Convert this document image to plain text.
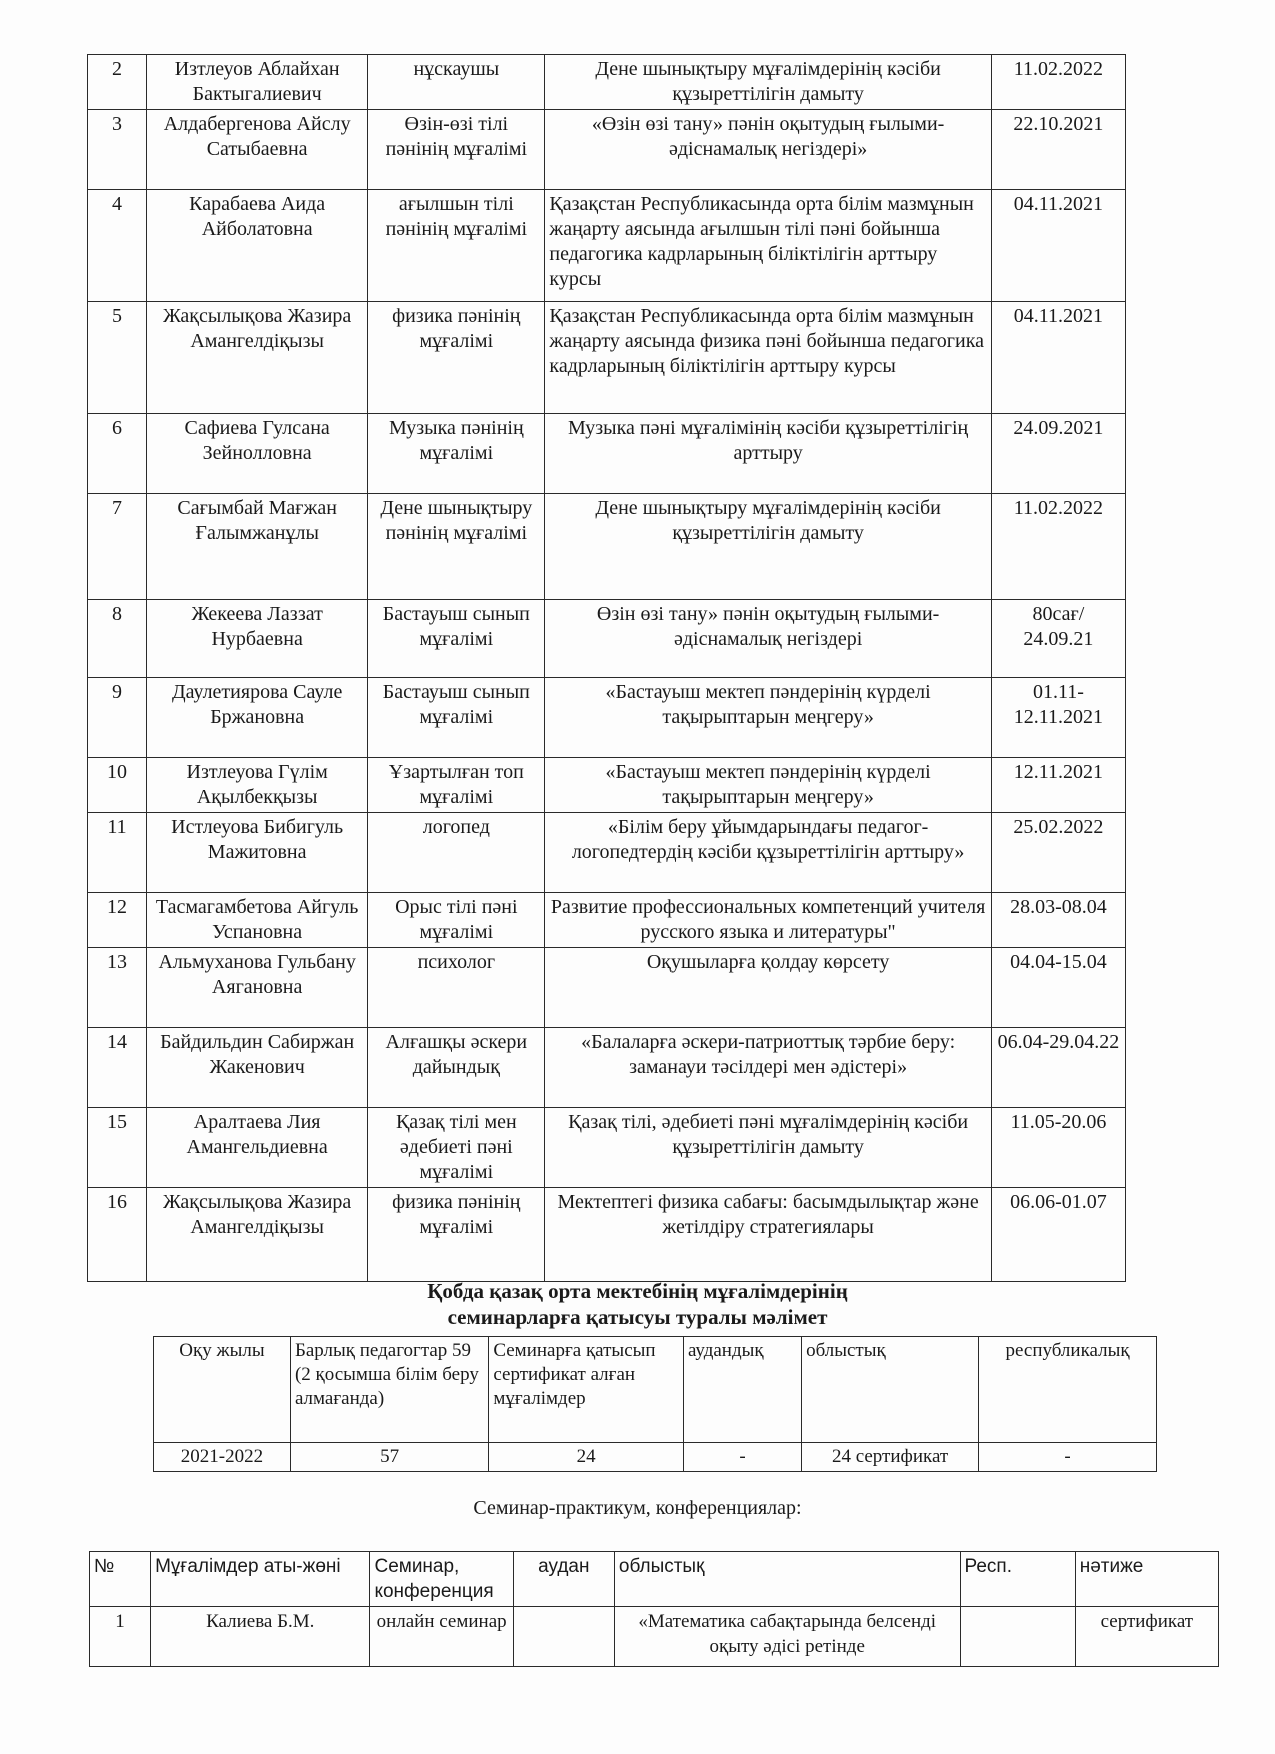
2	Изтлеуов Аблайхан Бактыгалиевич	нұскаушы	Дене шынықтыру мұғалімдерінің кәсіби құзыреттілігін дамыту	11.02.2022
3	Алдабергенова Айслу Сатыбаевна	Өзін-өзі тілі пәнінің мұғалімі	«Өзін өзі тану» пәнін оқытудың ғылыми-әдіснамалық негіздері»	22.10.2021
4	Карабаева Аида Айболатовна	ағылшын тілі пәнінің мұғалімі	Қазақстан Республикасында орта білім мазмұнын жаңарту аясында ағылшын тілі пәні бойынша педагогика кадрларының біліктілігін арттыру курсы	04.11.2021
5	Жақсылықова Жазира Амангелдіқызы	физика пәнінің мұғалімі	Қазақстан Республикасында орта білім мазмұнын жаңарту аясында физика пәні бойынша педагогика кадрларының біліктілігін арттыру курсы	04.11.2021
6	Сафиева Гулсана Зейнолловна	Музыка пәнінің мұғалімі	Музыка пәні мұғалімінің кәсіби құзыреттілігің арттыру	24.09.2021
7	Сағымбай Мағжан Ғалымжанұлы	Дене шынықтыру пәнінің мұғалімі	Дене шынықтыру мұғалімдерінің кәсіби құзыреттілігін дамыту	11.02.2022
8	Жекеева Лаззат Нурбаевна	Бастауыш сынып мұғалімі	Өзін өзі тану» пәнін оқытудың ғылыми-әдіснамалық негіздері	80сағ/ 24.09.21
9	Даулетиярова Сауле Бржановна	Бастауыш сынып мұғалімі	«Бастауыш мектеп пәндерінің күрделі тақырыптарын меңгеру»	01.11-12.11.2021
10	Изтлеуова Гүлім Ақылбекқызы	Ұзартылған топ мұғалімі	«Бастауыш мектеп пәндерінің күрделі тақырыптарын меңгеру»	12.11.2021
11	Истлеуова Бибигуль Мажитовна	логопед	«Білім беру ұйымдарындағы педагог-логопедтердің кәсіби құзыреттілігін арттыру»	25.02.2022
12	Тасмагамбетова Айгуль Успановна	Орыс тілі пәні мұғалімі	Развитие профессиональных компетенций учителя русского языка и литературы"	28.03-08.04
13	Альмуханова Гульбану Аягановна	психолог	Оқушыларға қолдау көрсету	04.04-15.04
14	Байдильдин Сабиржан Жакенович	Алғашқы әскери дайындық	«Балаларға әскери-патриоттық тәрбие беру: заманауи тәсілдері мен әдістері»	06.04-29.04.22
15	Аралтаева Лия Амангельдиевна	Қазақ тілі мен әдебиеті пәні мұғалімі	Қазақ тілі, әдебиеті пәні мұғалімдерінің кәсіби құзыреттілігін дамыту	11.05-20.06
16	Жақсылықова Жазира Амангелдіқызы	физика пәнінің мұғалімі	Мектептегі физика сабағы: басымдылықтар және жетілдіру стратегиялары	06.06-01.07
Қобда қазақ орта мектебінің мұғалімдерінің
семинарларға қатысуы туралы мәлімет
Оқу жылы	Барлық педагогтар 59 (2 қосымша білім беру алмағанда)	Семинарға қатысып сертификат алған мұғалімдер	аудандық	облыстық	республикалық
2021-2022	57	24	-	24 сертификат	-
Семинар-практикум, конференциялар:
№	Мұғалімдер аты-жөні	Семинар, конференция	аудан	облыстық	Респ.	нәтиже
1	Калиева Б.М.	онлайн семинар		«Математика сабақтарында белсенді оқыту әдісі ретінде		сертификат
